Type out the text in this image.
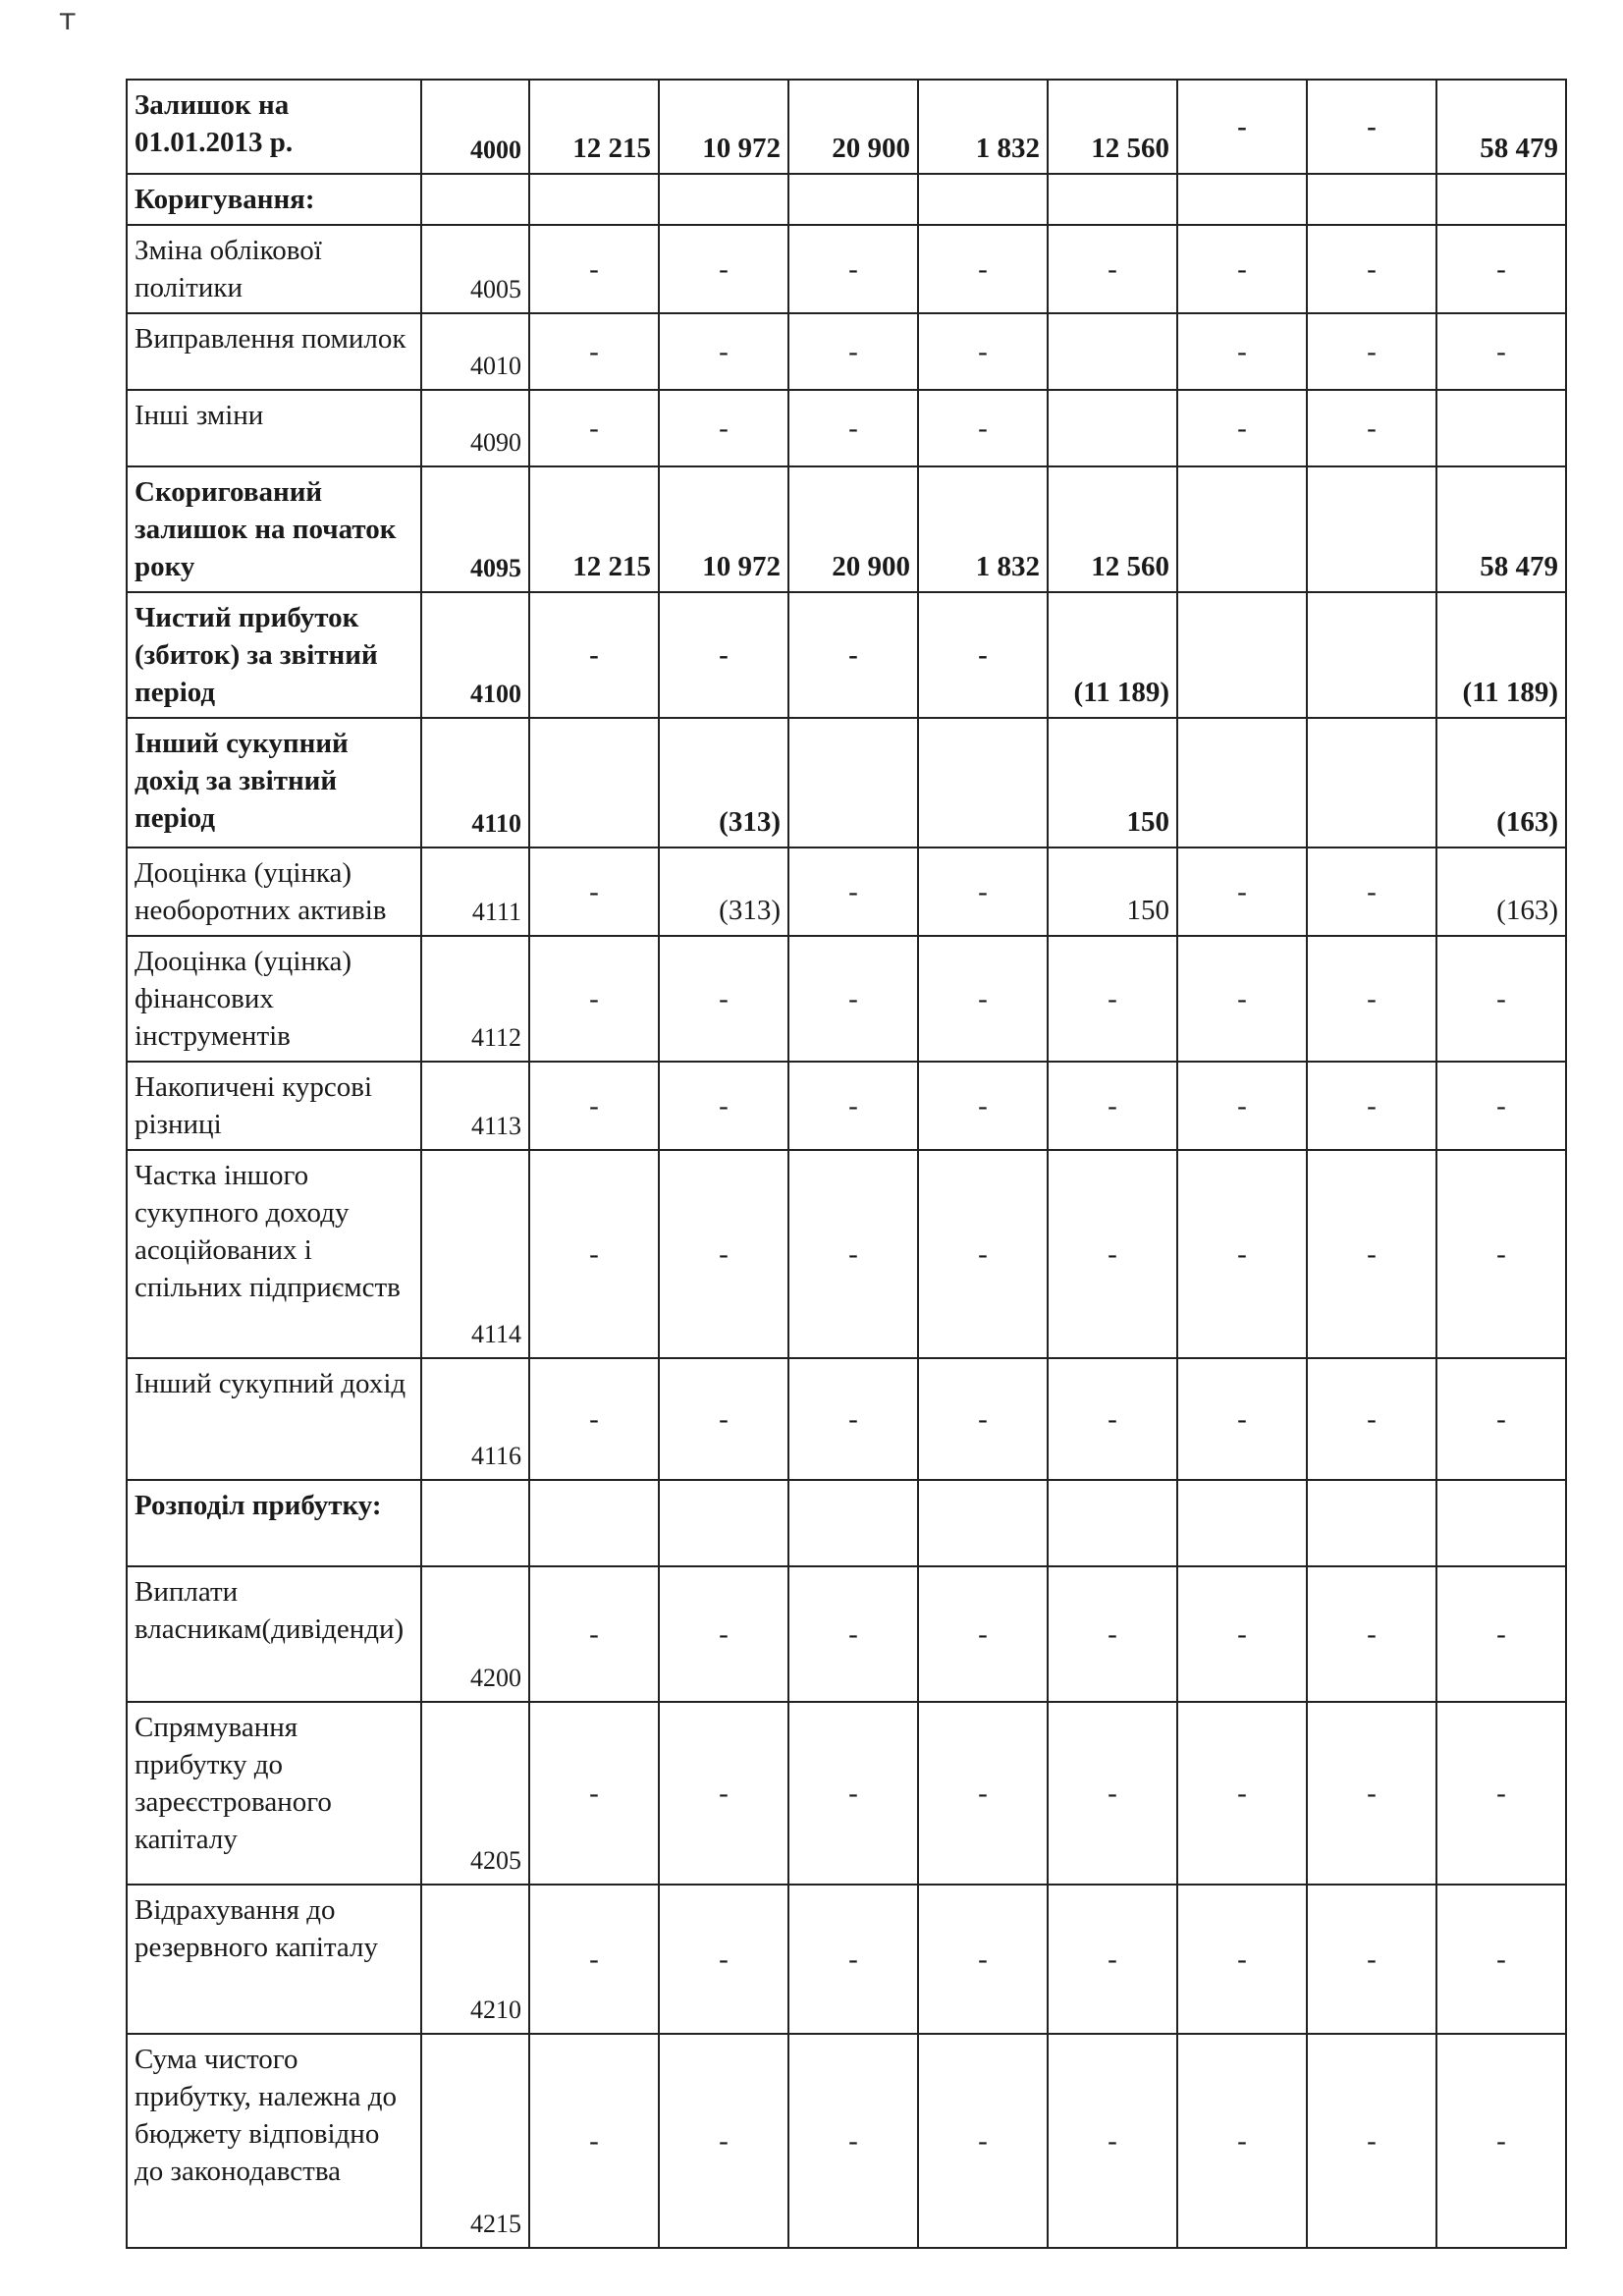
т
Залишок на 01.01.2013 р.	4000	12 215	10 972	20 900	1 832	12 560	-	-	58 479
Коригування:									
Зміна облікової політики	4005	-	-	-	-	-	-	-	-
Виправлення помилок	4010	-	-	-	-		-	-	-
Інші зміни	4090	-	-	-	-		-	-	
Скоригований залишок на початок року	4095	12 215	10 972	20 900	1 832	12 560			58 479
Чистий прибуток (збиток) за звітний період	4100	-	-	-	-	(11 189)			(11 189)
Інший сукупний дохід за звітний період	4110		(313)			150			(163)
Дооцінка (уцінка) необоротних активів	4111	-	(313)	-	-	150	-	-	(163)
Дооцінка (уцінка) фінансових інструментів	4112	-	-	-	-	-	-	-	-
Накопичені курсові різниці	4113	-	-	-	-	-	-	-	-
Частка іншого сукупного доходу асоційованих і спільних підприємств	4114	-	-	-	-	-	-	-	-
Інший сукупний дохід	4116	-	-	-	-	-	-	-	-
Розподіл прибутку:									
Виплати власникам(дивіденди)	4200	-	-	-	-	-	-	-	-
Спрямування прибутку до зареєстрованого капіталу	4205	-	-	-	-	-	-	-	-
Відрахування до резервного капіталу	4210	-	-	-	-	-	-	-	-
Сума чистого прибутку, належна до бюджету відповідно до законодавства	4215	-	-	-	-	-	-	-	-
